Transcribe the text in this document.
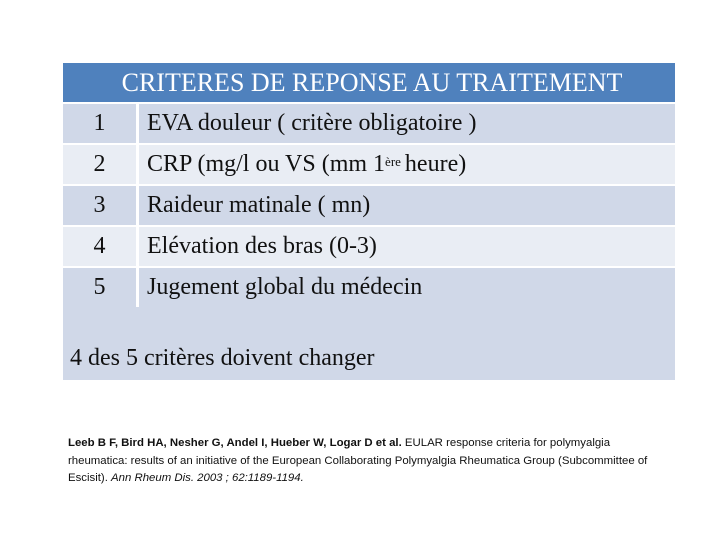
CRITERES DE REPONSE AU TRAITEMENT
1	EVA douleur ( critère obligatoire )
2	CRP (mg/l ou VS (mm 1ère heure)
3	Raideur matinale ( mn)
4	Elévation des bras (0-3)
5	Jugement global du médecin
4 des 5 critères doivent changer
Leeb B F, Bird HA, Nesher G, Andel I, Hueber W, Logar D et al. EULAR response criteria for polymyalgia rheumatica: results of an initiative of the European Collaborating Polymyalgia Rheumatica Group (Subcommittee of Escisit). Ann Rheum Dis. 2003 ; 62:1189-1194.
